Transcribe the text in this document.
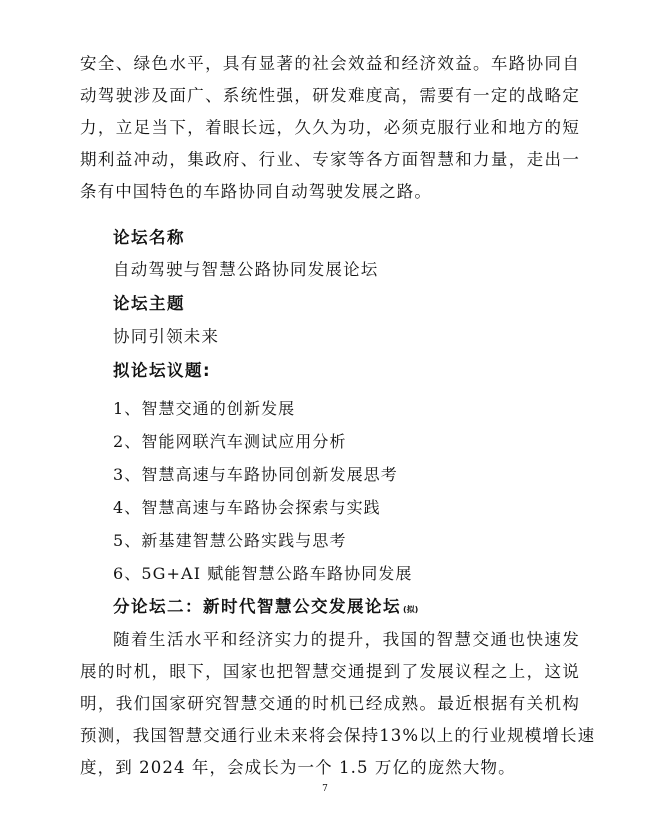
安全、绿色水平，具有显著的社会效益和经济效益。车路协同自
动驾驶涉及面广、系统性强，研发难度高，需要有一定的战略定
力，立足当下，着眼长远，久久为功，必须克服行业和地方的短
期利益冲动，集政府、行业、专家等各方面智慧和力量，走出一
条有中国特色的车路协同自动驾驶发展之路。
论坛名称
自动驾驶与智慧公路协同发展论坛
论坛主题
协同引领未来
拟论坛议题:
1、智慧交通的创新发展
2、智能网联汽车测试应用分析
3、智慧高速与车路协同创新发展思考
4、智慧高速与车路协会探索与实践
5、新基建智慧公路实践与思考
6、5G+AI 赋能智慧公路车路协同发展
分论坛二：新时代智慧公交发展论坛 (拟)
随着生活水平和经济实力的提升，我国的智慧交通也快速发
展的时机，眼下，国家也把智慧交通提到了发展议程之上，这说
明，我们国家研究智慧交通的时机已经成熟。最近根据有关机构
预测，我国智慧交通行业未来将会保持13%以上的行业规模增长速
度，到 2024 年，会成长为一个 1.5 万亿的庞然大物。
7
